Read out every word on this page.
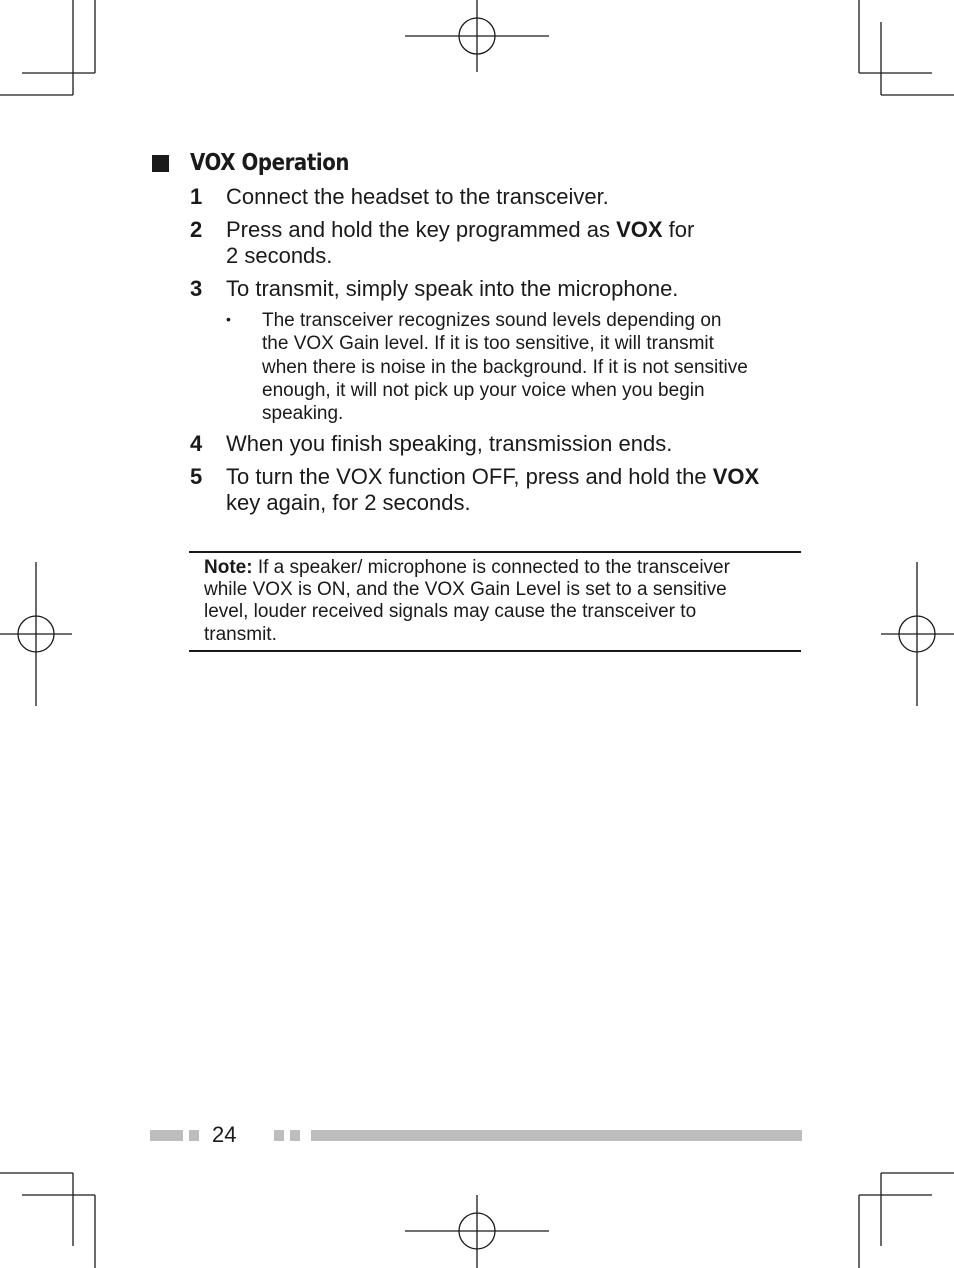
VOX Operation
1 Connect the headset to the transceiver.
2 Press and hold the key programmed as VOX for
2 seconds.
3 To transmit, simply speak into the microphone.
• The transceiver recognizes sound levels depending on
the VOX Gain level. If it is too sensitive, it will transmit
when there is noise in the background. If it is not sensitive
enough, it will not pick up your voice when you begin
speaking.
4 When you finish speaking, transmission ends.
5 To turn the VOX function OFF, press and hold the VOX
key again, for 2 seconds.
Note: If a speaker/ microphone is connected to the transceiver
while VOX is ON, and the VOX Gain Level is set to a sensitive
level, louder received signals may cause the transceiver to
transmit.
24
